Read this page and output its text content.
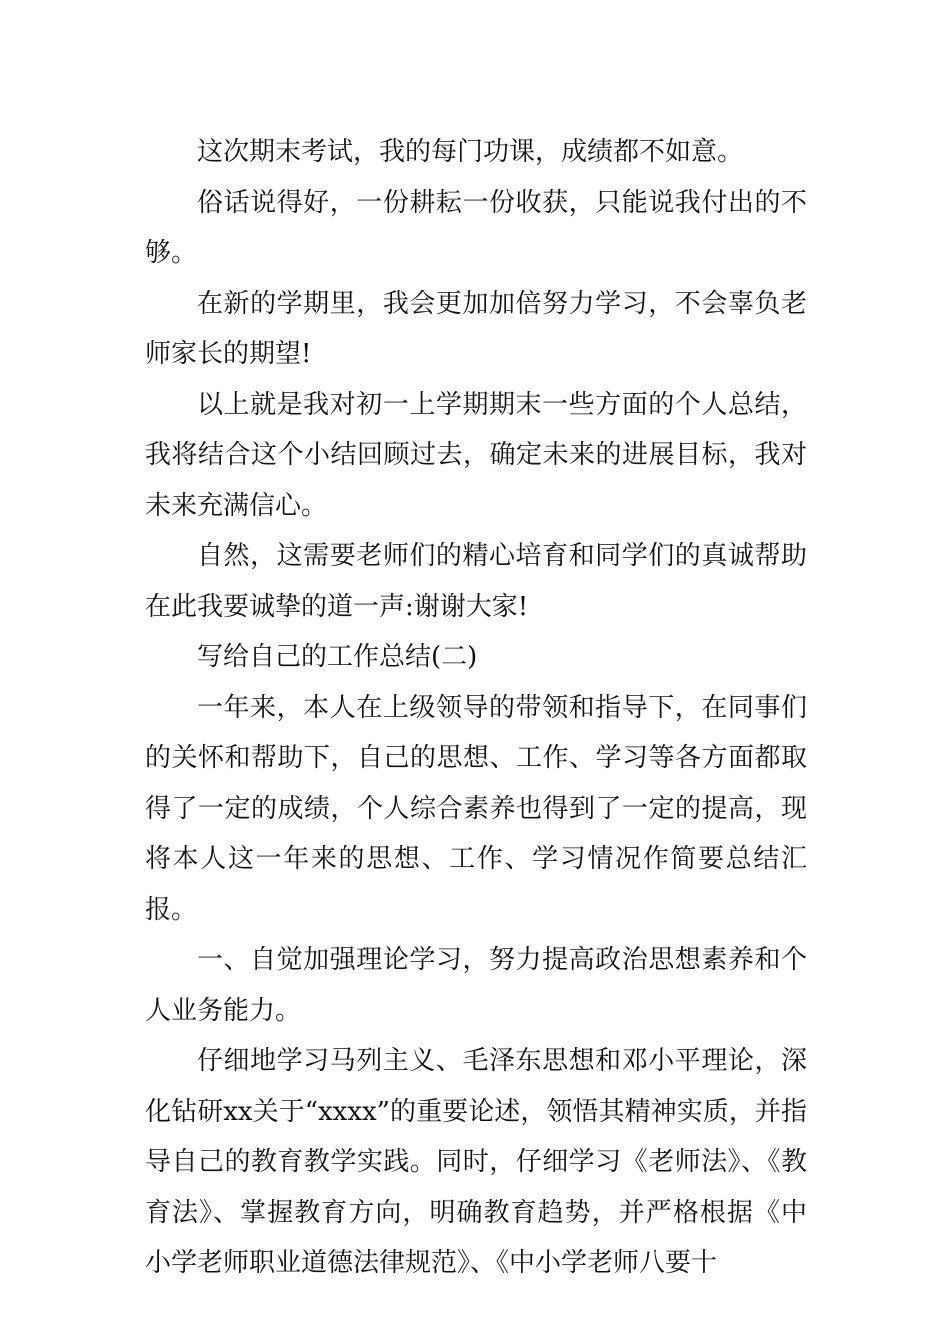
这次期末考试，我的每门功课，成绩都不如意。

俗话说得好，一份耕耘一份收获，只能说我付出的不够。

在新的学期里，我会更加加倍努力学习，不会辜负老师家长的期望!

以上就是我对初一上学期期末一些方面的个人总结，我将结合这个小结回顾过去，确定未来的进展目标，我对未来充满信心。

自然，这需要老师们的精心培育和同学们的真诚帮助在此我要诚挚的道一声:谢谢大家!

写给自己的工作总结(二)

一年来，本人在上级领导的带领和指导下，在同事们的关怀和帮助下，自己的思想、工作、学习等各方面都取得了一定的成绩，个人综合素养也得到了一定的提高，现将本人这一年来的思想、工作、学习情况作简要总结汇报。

一、自觉加强理论学习，努力提高政治思想素养和个人业务能力。

仔细地学习马列主义、毛泽东思想和邓小平理论，深化钻研xx关于“xxxx”的重要论述，领悟其精神实质，并指导自己的教育教学实践。同时，仔细学习《老师法》、《教育法》、掌握教育方向，明确教育趋势，并严格根据《中小学老师职业道德法律规范》、《中小学老师八要十
